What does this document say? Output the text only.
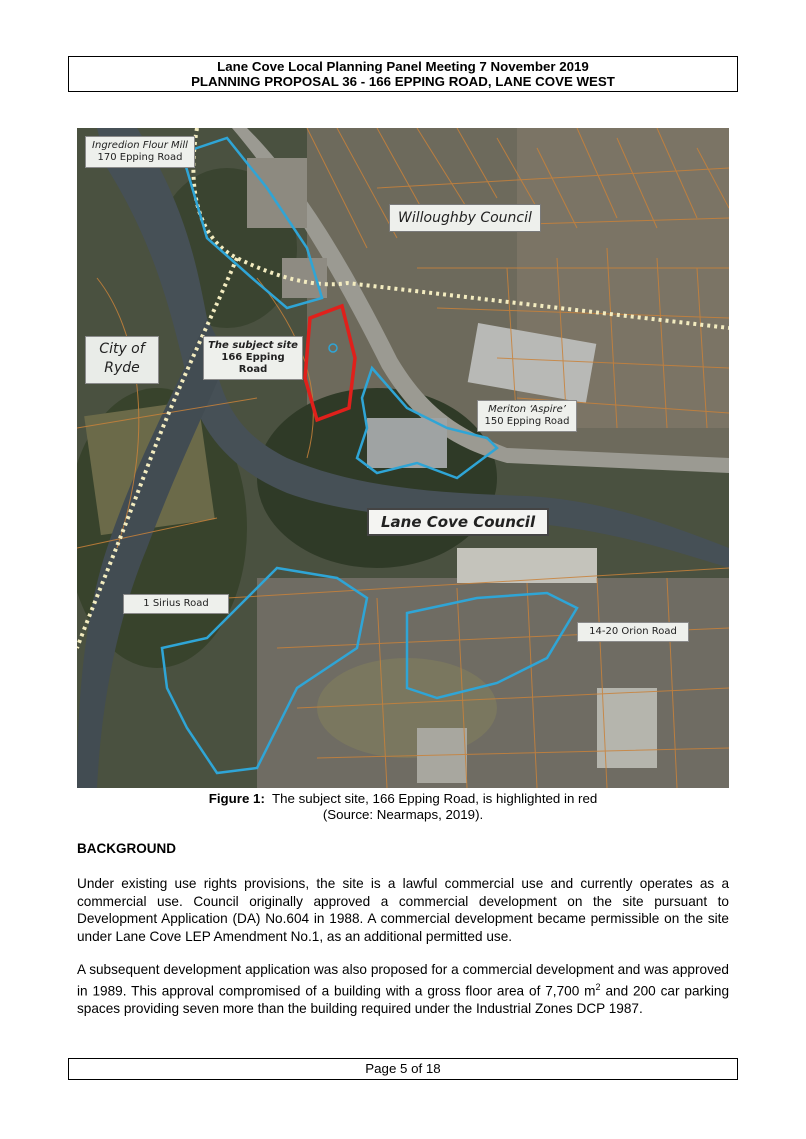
Lane Cove Local Planning Panel Meeting 7 November 2019
PLANNING PROPOSAL 36 - 166 EPPING ROAD, LANE COVE WEST
Ingredion Flour Mill
170 Epping Road
Willoughby Council
City of
Ryde
The subject site
166 Epping Road
Meriton ‘Aspire’
150 Epping Road
Lane Cove Council
1 Sirius Road
14-20 Orion Road
Figure 1: The subject site, 166 Epping Road, is highlighted in red
(Source: Nearmaps, 2019).
BACKGROUND

Under existing use rights provisions, the site is a lawful commercial use and currently operates as a commercial use. Council originally approved a commercial development on the site pursuant to Development Application (DA) No.604 in 1988. A commercial development became permissible on the site under Lane Cove LEP Amendment No.1, as an additional permitted use.

A subsequent development application was also proposed for a commercial development and was approved in 1989. This approval compromised of a building with a gross floor area of 7,700 $m^2$ and 200 car parking spaces providing seven more than the building required under the Industrial Zones DCP 1987.

Page 5 of 18
